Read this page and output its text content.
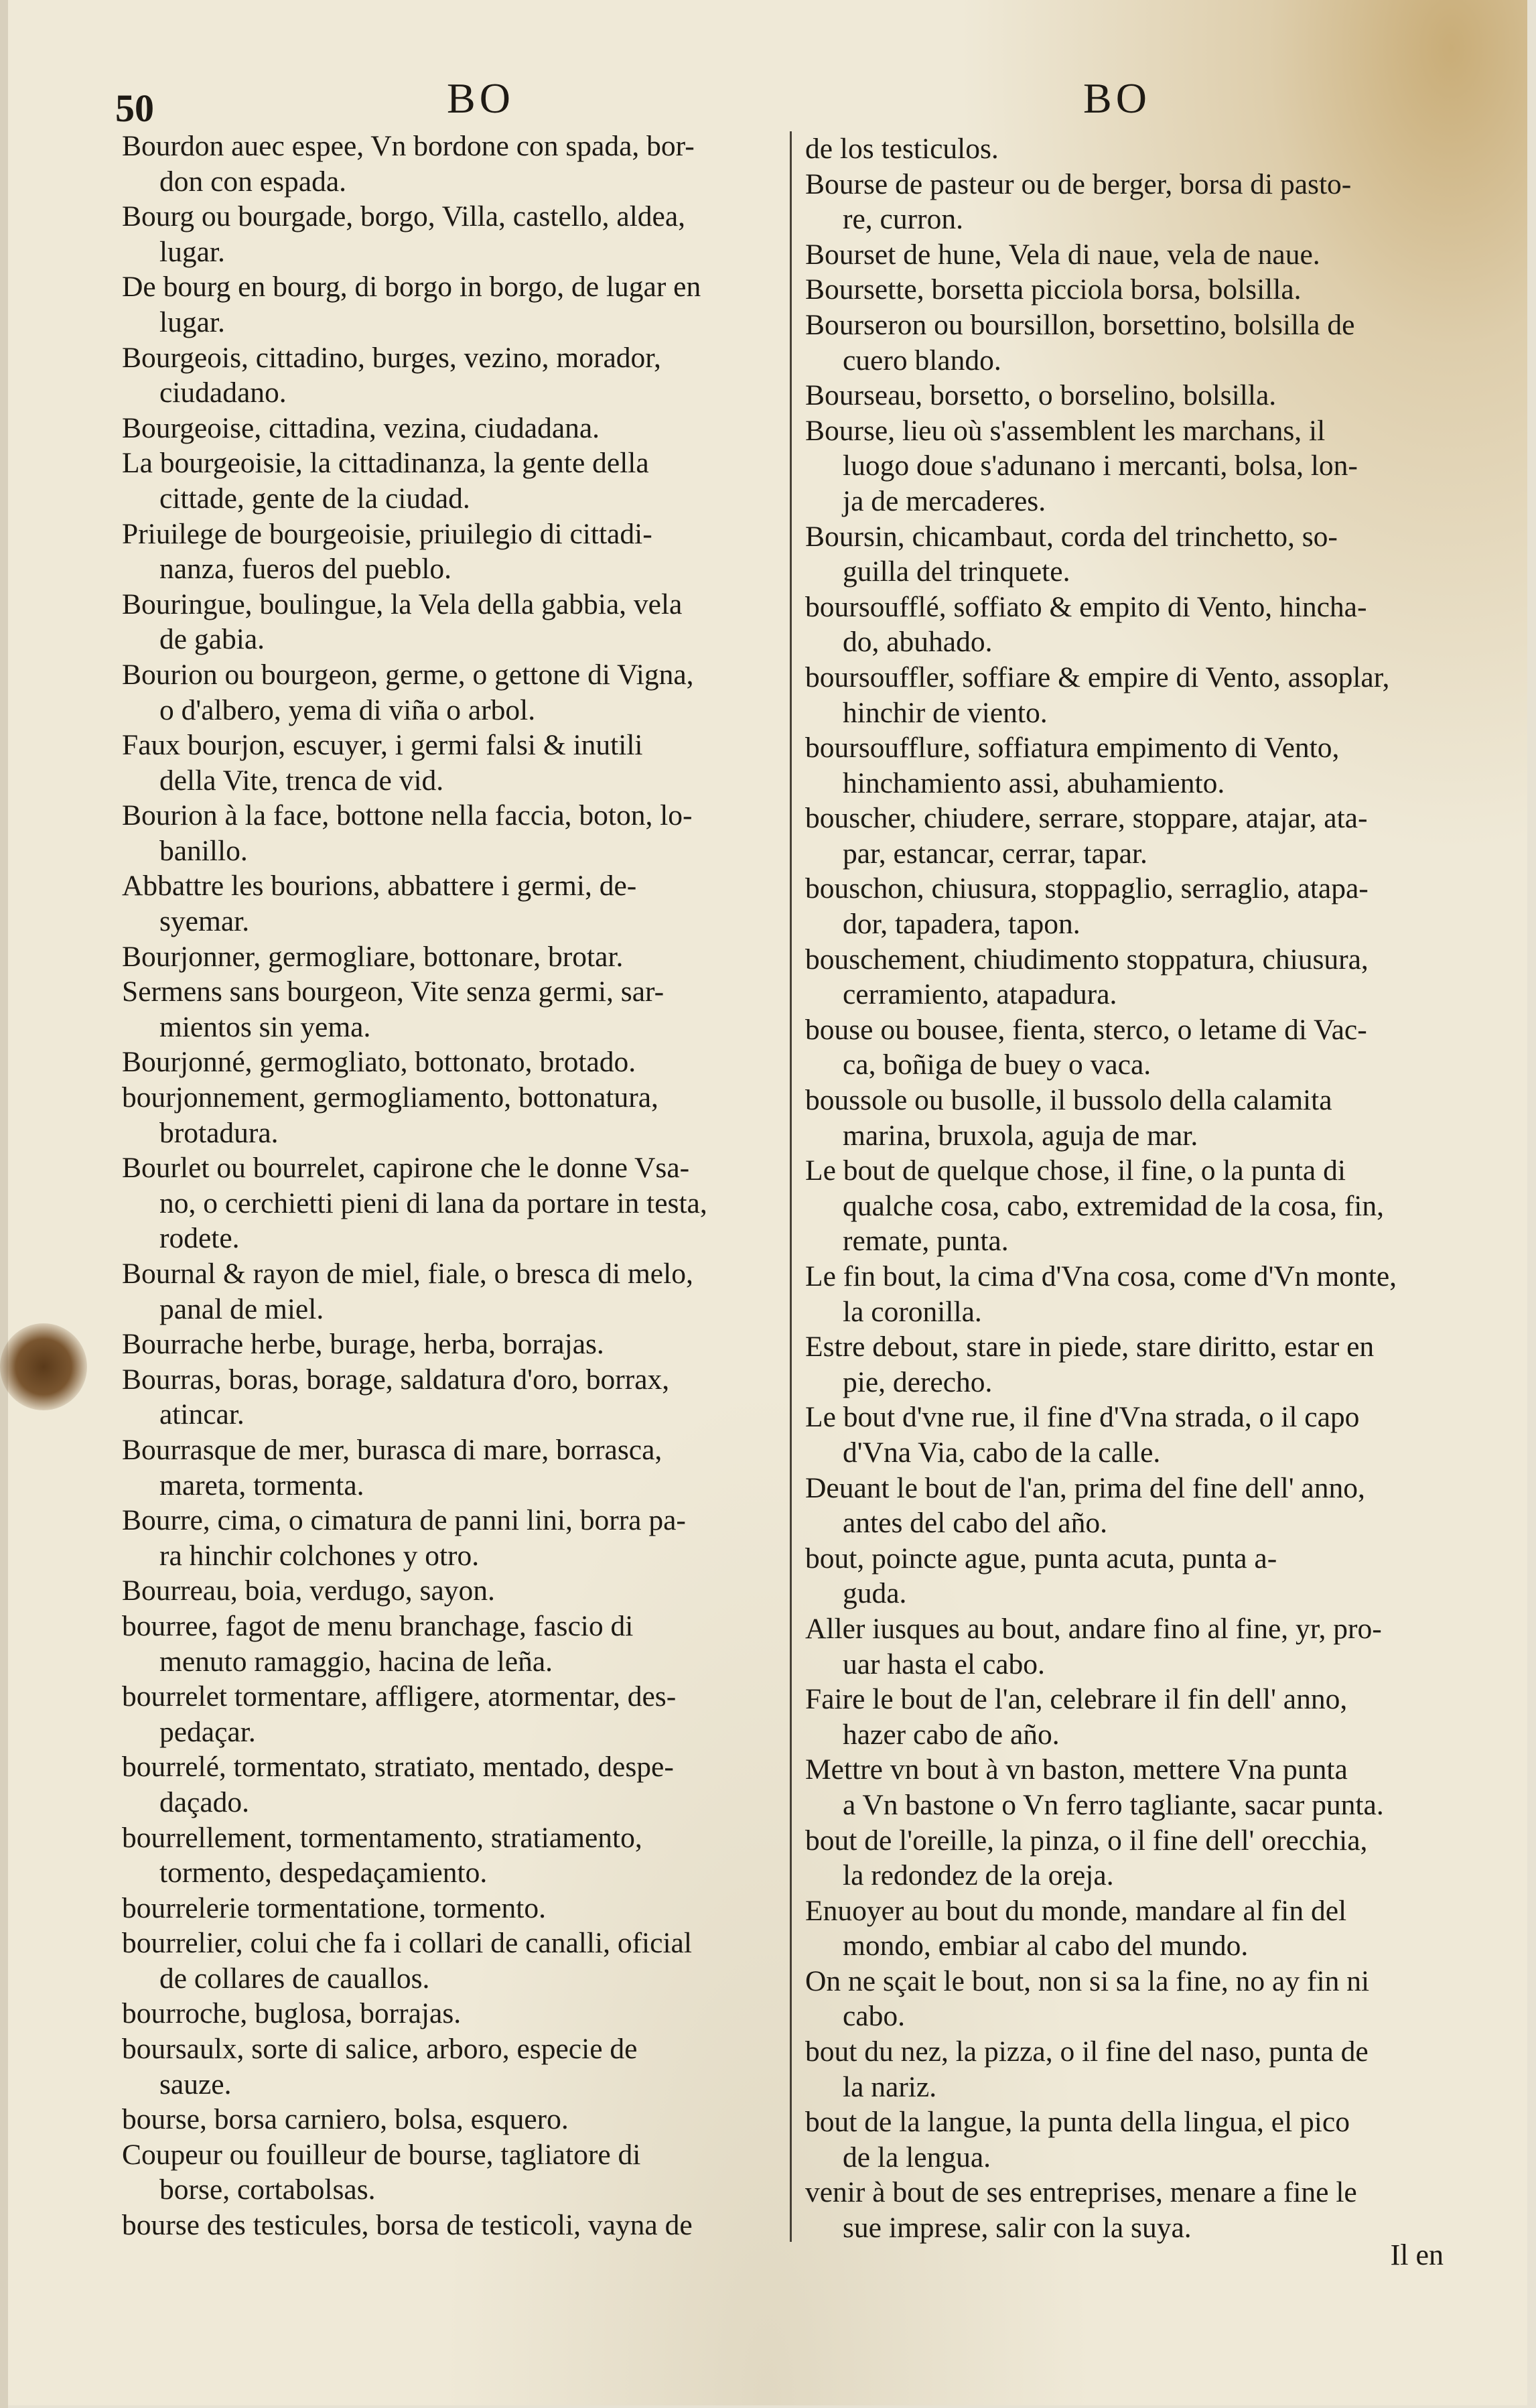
50	BO	BO
Bourdon auec espee, Vn bordone con spada, bor-
don con espada.
Bourg ou bourgade, borgo, Villa, castello, aldea,
lugar.
De bourg en bourg, di borgo in borgo, de lugar en
lugar.
Bourgeois, cittadino, burges, vezino, morador,
ciudadano.
Bourgeoise, cittadina, vezina, ciudadana.
La bourgeoisie, la cittadinanza, la gente della
cittade, gente de la ciudad.
Priuilege de bourgeoisie, priuilegio di cittadi-
nanza, fueros del pueblo.
Bouringue, boulingue, la Vela della gabbia, vela
de gabia.
Bourion ou bourgeon, germe, o gettone di Vigna,
o d'albero, yema di viña o arbol.
Faux bourjon, escuyer, i germi falsi & inutili
della Vite, trenca de vid.
Bourion à la face, bottone nella faccia, boton, lo-
banillo.
Abbattre les bourions, abbattere i germi, de-
syemar.
Bourjonner, germogliare, bottonare, brotar.
Sermens sans bourgeon, Vite senza germi, sar-
mientos sin yema.
Bourjonné, germogliato, bottonato, brotado.
bourjonnement, germogliamento, bottonatura,
brotadura.
Bourlet ou bourrelet, capirone che le donne Vsa-
no, o cerchietti pieni di lana da portare in testa,
rodete.
Bournal & rayon de miel, fiale, o bresca di melo,
panal de miel.
Bourrache herbe, burage, herba, borrajas.
Bourras, boras, borage, saldatura d'oro, borrax,
atincar.
Bourrasque de mer, burasca di mare, borrasca,
mareta, tormenta.
Bourre, cima, o cimatura de panni lini, borra pa-
ra hinchir colchones y otro.
Bourreau, boia, verdugo, sayon.
bourree, fagot de menu branchage, fascio di
menuto ramaggio, hacina de leña.
bourrelet tormentare, affligere, atormentar, des-
pedaçar.
bourrelé, tormentato, stratiato, mentado, despe-
daçado.
bourrellement, tormentamento, stratiamento,
tormento, despedaçamiento.
bourrelerie tormentatione, tormento.
bourrelier, colui che fa i collari de canalli, oficial
de collares de cauallos.
bourroche, buglosa, borrajas.
boursaulx, sorte di salice, arboro, especie de
sauze.
bourse, borsa carniero, bolsa, esquero.
Coupeur ou fouilleur de bourse, tagliatore di
borse, cortabolsas.
bourse des testicules, borsa de testicoli, vayna de
de los testiculos.
Bourse de pasteur ou de berger, borsa di pasto-
re, curron.
Bourset de hune, Vela di naue, vela de naue.
Boursette, borsetta picciola borsa, bolsilla.
Bourseron ou boursillon, borsettino, bolsilla de
cuero blando.
Bourseau, borsetto, o borselino, bolsilla.
Bourse, lieu où s'assemblent les marchans, il
luogo doue s'adunano i mercanti, bolsa, lon-
ja de mercaderes.
Boursin, chicambaut, corda del trinchetto, so-
guilla del trinquete.
boursoufflé, soffiato & empito di Vento, hincha-
do, abuhado.
boursouffler, soffiare & empire di Vento, assoplar,
hinchir de viento.
boursoufflure, soffiatura empimento di Vento,
hinchamiento assi, abuhamiento.
bouscher, chiudere, serrare, stoppare, atajar, ata-
par, estancar, cerrar, tapar.
bouschon, chiusura, stoppaglio, serraglio, atapa-
dor, tapadera, tapon.
bouschement, chiudimento stoppatura, chiusura,
cerramiento, atapadura.
bouse ou bousee, fienta, sterco, o letame di Vac-
ca, boñiga de buey o vaca.
boussole ou busolle, il bussolo della calamita
marina, bruxola, aguja de mar.
Le bout de quelque chose, il fine, o la punta di
qualche cosa, cabo, extremidad de la cosa, fin,
remate, punta.
Le fin bout, la cima d'Vna cosa, come d'Vn monte,
la coronilla.
Estre debout, stare in piede, stare diritto, estar en
pie, derecho.
Le bout d'vne rue, il fine d'Vna strada, o il capo
d'Vna Via, cabo de la calle.
Deuant le bout de l'an, prima del fine dell' anno,
antes del cabo del año.
bout, poincte ague, punta acuta, punta a-
guda.
Aller iusques au bout, andare fino al fine, yr, pro-
uar hasta el cabo.
Faire le bout de l'an, celebrare il fin dell' anno,
hazer cabo de año.
Mettre vn bout à vn baston, mettere Vna punta
a Vn bastone o Vn ferro tagliante, sacar punta.
bout de l'oreille, la pinza, o il fine dell' orecchia,
la redondez de la oreja.
Enuoyer au bout du monde, mandare al fin del
mondo, embiar al cabo del mundo.
On ne sçait le bout, non si sa la fine, no ay fin ni
cabo.
bout du nez, la pizza, o il fine del naso, punta de
la nariz.
bout de la langue, la punta della lingua, el pico
de la lengua.
venir à bout de ses entreprises, menare a fine le
sue imprese, salir con la suya.
Il en
